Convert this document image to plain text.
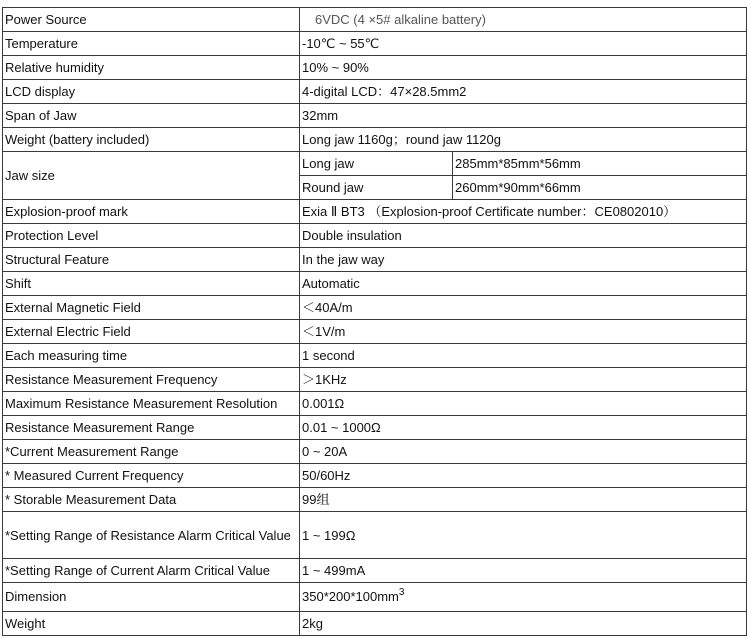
Power Source	　6VDC (4 ×5# alkaline battery)	
Temperature	-10℃ ~ 55℃	
Relative humidity	10% ~ 90%	
LCD display	4-digital LCD：47×28.5mm2	
Span of Jaw	32mm	
Weight (battery included)	Long jaw 1160g；round jaw 1120g	
Jaw size	Long jaw	285mm*85mm*56mm
	Round jaw	260mm*90mm*66mm
Explosion-proof mark	Exia Ⅱ BT3 （Explosion-proof Certificate number：CE0802010）	
Protection Level	Double insulation	
Structural Feature	In the jaw way	
Shift	Automatic	
External Magnetic Field	＜40A/m	
External Electric Field	＜1V/m	
Each measuring time	1 second	
Resistance Measurement Frequency	＞1KHz	
Maximum Resistance Measurement Resolution	0.001Ω	
Resistance Measurement Range	0.01 ~ 1000Ω	
*Current Measurement Range	0 ~ 20A	
* Measured Current Frequency	50/60Hz	
* Storable Measurement Data	99组	
*Setting Range of Resistance Alarm Critical Value	1 ~ 199Ω	
*Setting Range of Current Alarm Critical Value	1 ~ 499mA	
Dimension	$350*200*100mm^3$
Weight	2kg	
